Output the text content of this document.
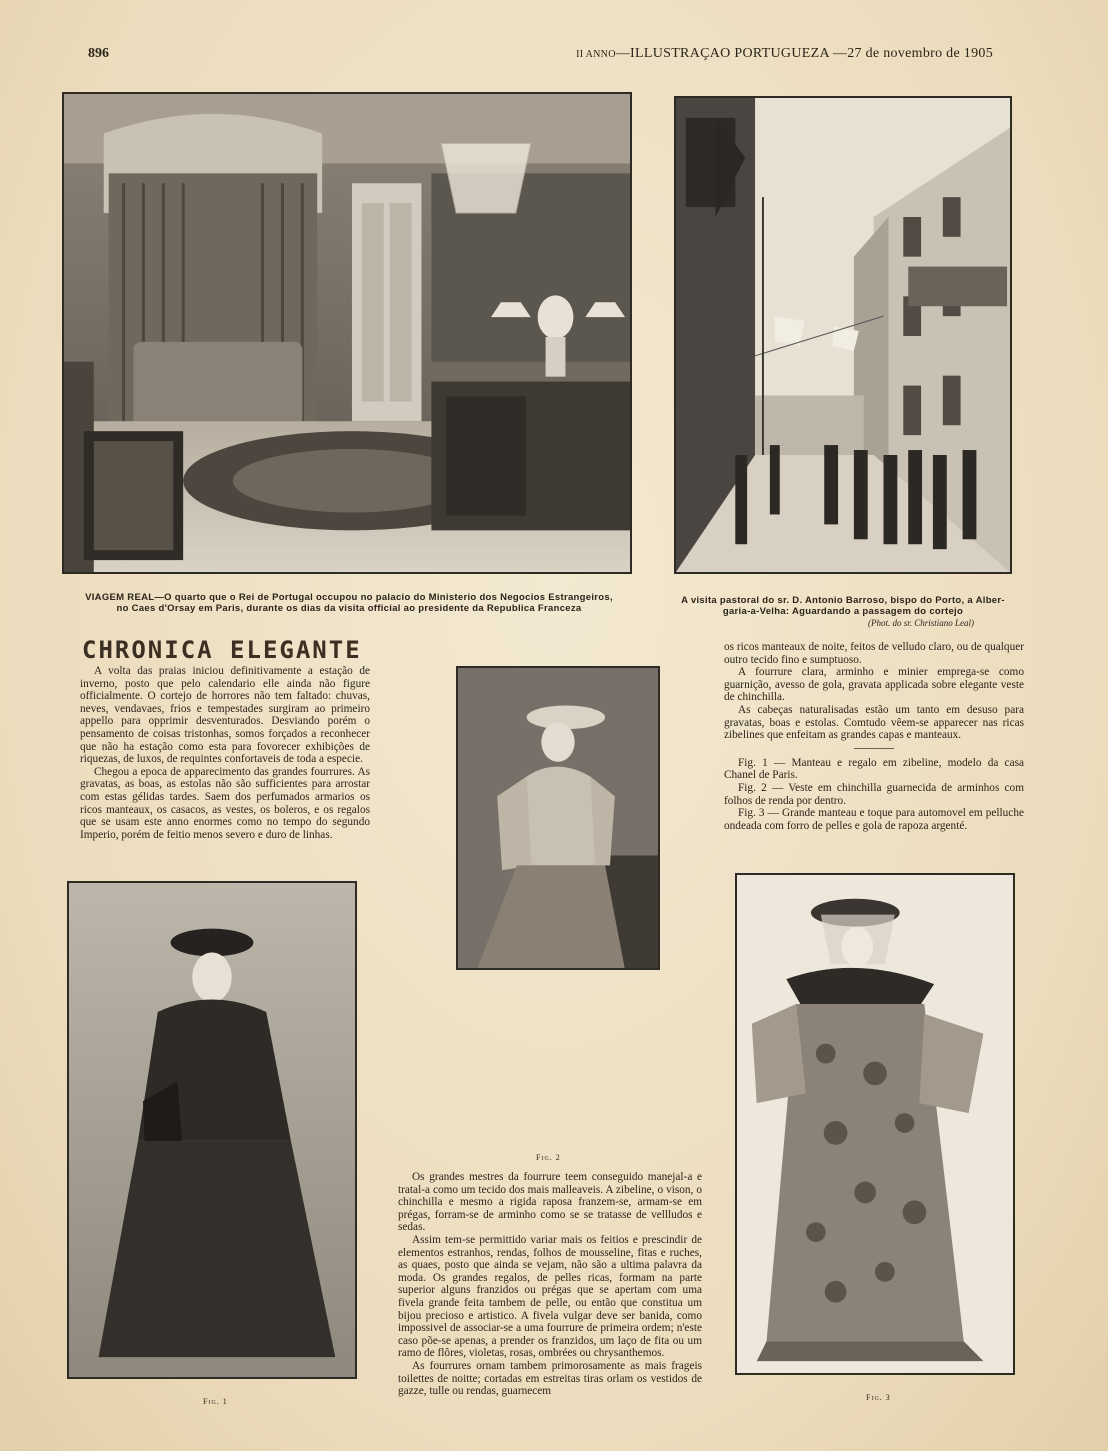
896	II ANNO—ILLUSTRAÇAO PORTUGUEZA —27 de novembro de 1905
VIAGEM REAL—O quarto que o Rei de Portugal occupou no palacio do Ministerio dos Negocios Estrangeiros,
no Caes d'Orsay em Paris, durante os dias da visita official ao presidente da Republica Franceza
A visita pastoral do sr. D. Antonio Barroso, bispo do Porto, a Alber-
garia-a-Velha: Aguardando a passagem do cortejo
(Phot. do sr. Christiano Leal)
CHRONICA ELEGANTE

A volta das praias iniciou definitivamente a estação de inverno, posto que pelo calendario elle ainda não figure officialmente. O cortejo de horrores não tem faltado: chuvas, neves, vendavaes, frios e tempestades surgiram ao primeiro appello para opprimir desventurados. Desviando porém o pensamento de coisas tristonhas, somos forçados a reconhecer que não ha estação como esta para fovorecer exhibições de riquezas, de luxos, de requintes confortaveis de toda a especie.

Chegou a epoca de apparecimento das grandes fourrures. As gravatas, as boas, as estolas não são sufficientes para arrostar com estas gélidas tardes. Saem dos perfumados armarios os ricos manteaux, os casacos, as vestes, os boleros, e os regalos que se usam este anno enormes como no tempo do segundo Imperio, porém de feitio menos severo e duro de linhas.

Fig. 2

os ricos manteaux de noite, feitos de velludo claro, ou de qualquer outro tecido fino e sumptuoso.

A fourrure clara, arminho e minier emprega-se como guarnição, avesso de gola, gravata applicada sobre elegante veste de chinchilla.

As cabeças naturalisadas estão um tanto em desuso para gravatas, boas e estolas. Comtudo vêem-se apparecer nas ricas zibelines que enfeitam as grandes capas e manteaux.

Fig. 1 — Manteau e regalo em zibeline, modelo da casa Chanel de Paris.

Fig. 2 — Veste em chinchilla guarnecida de arminhos com folhos de renda por dentro.

Fig. 3 — Grande manteau e toque para automovel em pelluche ondeada com forro de pelles e gola de rapoza argenté.

Fig. 1

Os grandes mestres da fourrure teem conseguido manejal-a e tratal-a como um tecido dos mais malleaveis. A zibeline, o vison, o chinchilla e mesmo a rigida raposa franzem-se, armam-se em prégas, forram-se de arminho como se se tratasse de vellludos e sedas.

Assim tem-se permittido variar mais os feitios e prescindir de elementos estranhos, rendas, folhos de mousseline, fitas e ruches, as quaes, posto que ainda se vejam, não são a ultima palavra da moda. Os grandes regalos, de pelles ricas, formam na parte superior alguns franzidos ou prégas que se apertam com uma fivela grande feita tambem de pelle, ou então que constitua um bijou precioso e artistico. A fivela vulgar deve ser banida, como impossivel de associar-se a uma fourrure de primeira ordem; n'este caso põe-se apenas, a prender os franzidos, um laço de fita ou um ramo de flôres, violetas, rosas, ombrées ou chrysanthemos.

As fourrures ornam tambem primorosamente as mais frageis toilettes de noitte; cortadas em estreitas tiras orlam os vestidos de gazze, tulle ou rendas, guarnecem

Fig. 3
